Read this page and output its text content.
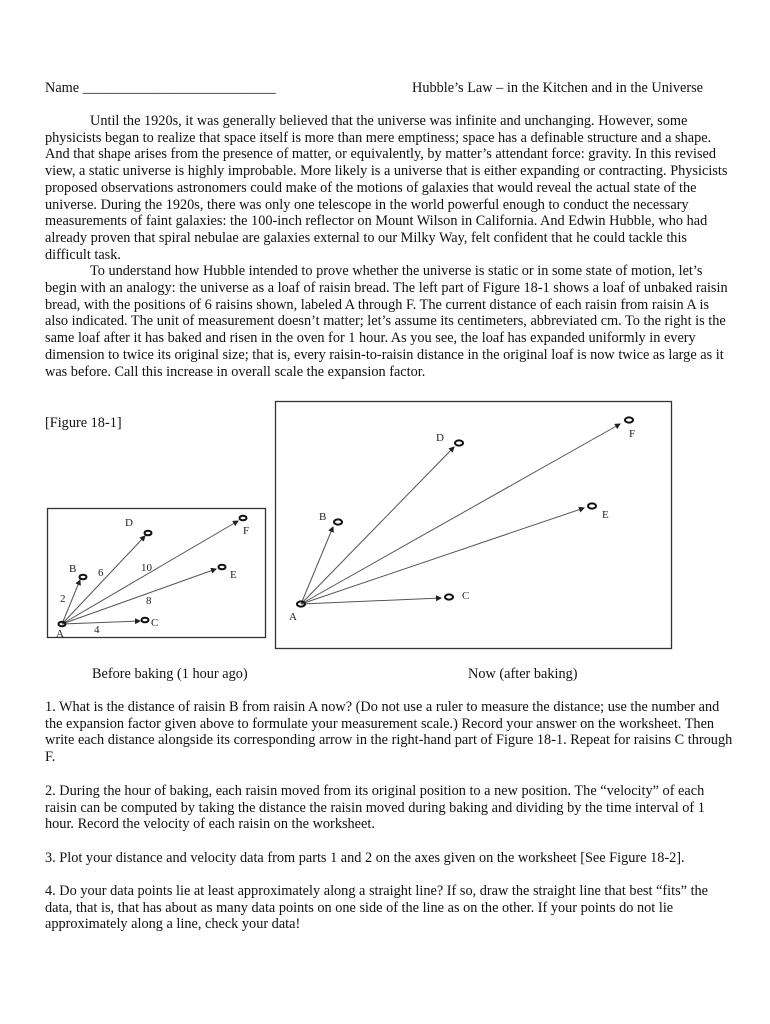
Name ___________________________	Hubble’s Law – in the Kitchen and in the Universe

Until the 1920s, it was generally believed that the universe was infinite and unchanging. However, some physicists began to realize that space itself is more than mere emptiness; space has a definable structure and a shape. And that shape arises from the presence of matter, or equivalently, by matter’s attendant force: gravity. In this revised view, a static universe is highly improbable. More likely is a universe that is either expanding or contracting. Physicists proposed observations astronomers could make of the motions of galaxies that would reveal the actual state of the universe. During the 1920s, there was only one telescope in the world powerful enough to conduct the necessary measurements of faint galaxies: the 100-inch reflector on Mount Wilson in California. And Edwin Hubble, who had already proven that spiral nebulae are galaxies external to our Milky Way, felt confident that he could tackle this difficult task.

To understand how Hubble intended to prove whether the universe is static or in some state of motion, let’s begin with an analogy: the universe as a loaf of raisin bread. The left part of Figure 18-1 shows a loaf of unbaked raisin bread, with the positions of 6 raisins shown, labeled A through F. The current distance of each raisin from raisin A is also indicated. The unit of measurement doesn’t matter; let’s assume its centimeters, abbreviated cm. To the right is the same loaf after it has baked and risen in the oven for 1 hour. As you see, the loaf has expanded uniformly in every dimension to twice its original size; that is, every raisin-to-raisin distance in the original loaf is now twice as large as it was before. Call this increase in overall scale the expansion factor.

[Figure 18-1]
A
B
C
D
E
F
2
4
6
8
10
A
B
C
D
E
F
Before baking (1 hour ago)	Now (after baking)
1. What is the distance of raisin B from raisin A now? (Do not use a ruler to measure the distance; use the number and the expansion factor given above to formulate your measurement scale.) Record your answer on the worksheet. Then write each distance alongside its corresponding arrow in the right-hand part of Figure 18-1. Repeat for raisins C through F.
2. During the hour of baking, each raisin moved from its original position to a new position. The “velocity” of each raisin can be computed by taking the distance the raisin moved during baking and dividing by the time interval of 1 hour. Record the velocity of each raisin on the worksheet.
3. Plot your distance and velocity data from parts 1 and 2 on the axes given on the worksheet [See Figure 18-2].
4. Do your data points lie at least approximately along a straight line? If so, draw the straight line that best “fits” the data, that is, that has about as many data points on one side of the line as on the other. If your points do not lie approximately along a line, check your data!
